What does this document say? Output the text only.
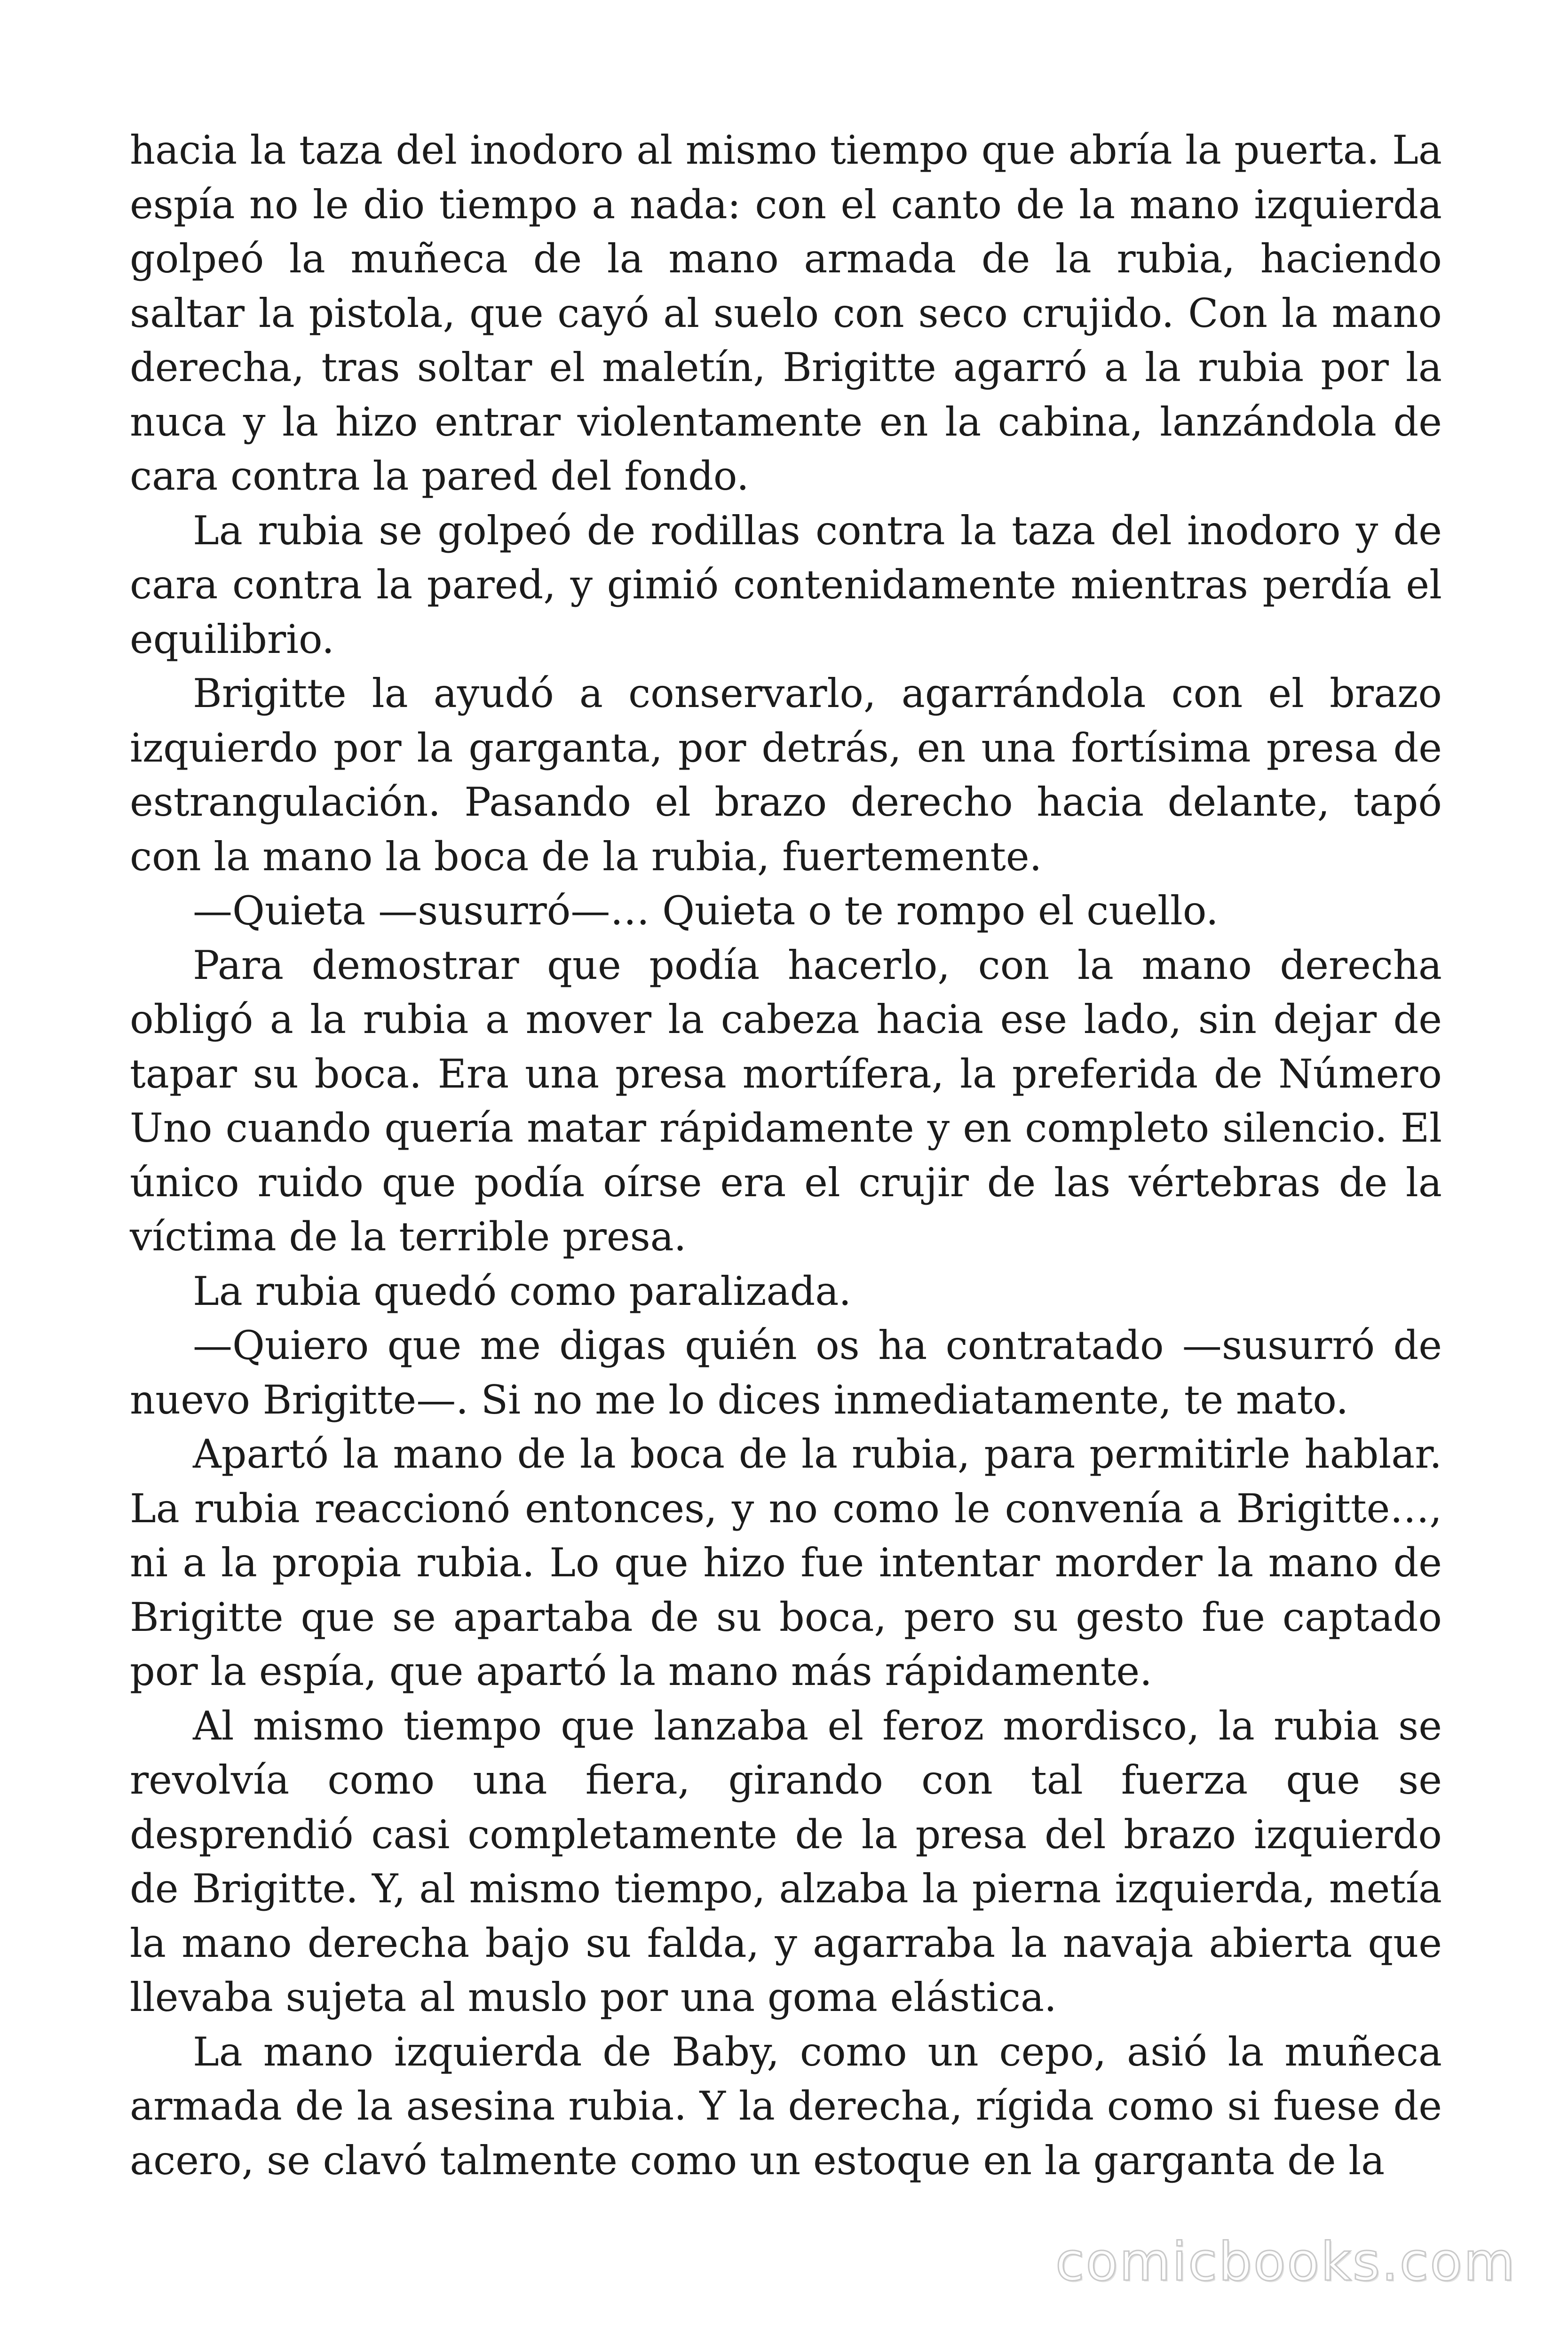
hacia la taza del inodoro al mismo tiempo que abría la puerta. La espía no le dio tiempo a nada: con el canto de la mano izquierda golpeó la muñeca de la mano armada de la rubia, haciendo saltar la pistola, que cayó al suelo con seco crujido. Con la mano derecha, tras soltar el maletín, Brigitte agarró a la rubia por la nuca y la hizo entrar violentamente en la cabina, lanzándola de cara contra la pared del fondo.

La rubia se golpeó de rodillas contra la taza del inodoro y de cara contra la pared, y gimió contenidamente mientras perdía el equilibrio.

Brigitte la ayudó a conservarlo, agarrándola con el brazo izquierdo por la garganta, por detrás, en una fortísima presa de estrangulación. Pasando el brazo derecho hacia delante, tapó con la mano la boca de la rubia, fuertemente.

—Quieta —susurró—… Quieta o te rompo el cuello.

Para demostrar que podía hacerlo, con la mano derecha obligó a la rubia a mover la cabeza hacia ese lado, sin dejar de tapar su boca. Era una presa mortífera, la preferida de Número Uno cuando quería matar rápidamente y en completo silencio. El único ruido que podía oírse era el crujir de las vértebras de la víctima de la terrible presa.

La rubia quedó como paralizada.

—Quiero que me digas quién os ha contratado —susurró de nuevo Brigitte—. Si no me lo dices inmediatamente, te mato.

Apartó la mano de la boca de la rubia, para permitirle hablar. La rubia reaccionó entonces, y no como le convenía a Brigitte…, ni a la propia rubia. Lo que hizo fue intentar morder la mano de Brigitte que se apartaba de su boca, pero su gesto fue captado por la espía, que apartó la mano más rápidamente.

Al mismo tiempo que lanzaba el feroz mordisco, la rubia se revolvía como una fiera, girando con tal fuerza que se desprendió casi completamente de la presa del brazo izquierdo de Brigitte. Y, al mismo tiempo, alzaba la pierna izquierda, metía la mano derecha bajo su falda, y agarraba la navaja abierta que llevaba sujeta al muslo por una goma elástica.

La mano izquierda de Baby, como un cepo, asió la muñeca armada de la asesina rubia. Y la derecha, rígida como si fuese de acero, se clavó talmente como un estoque en la garganta de la

comicbooks.com
